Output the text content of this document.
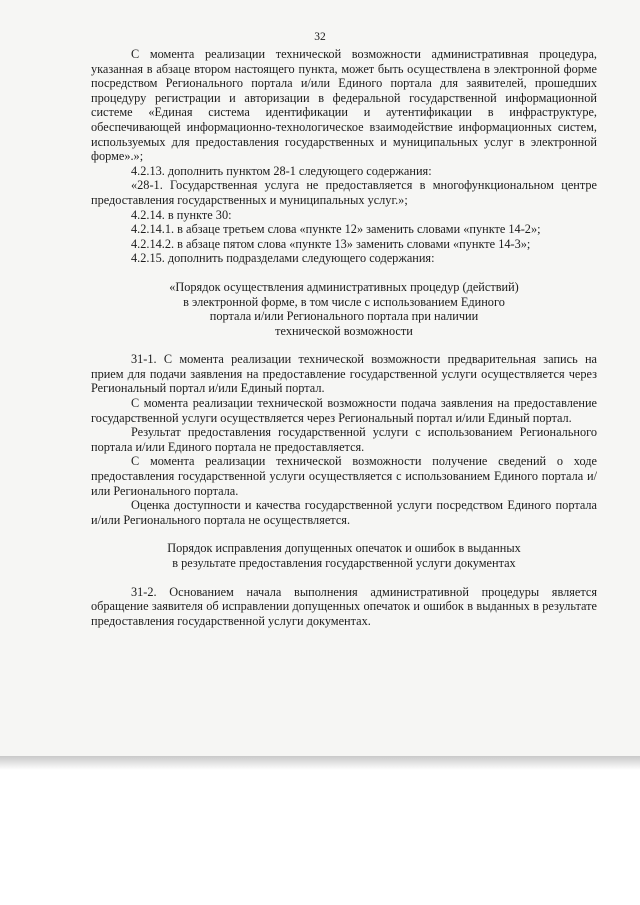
32

С момента реализации технической возможности административная процедура, указанная в абзаце втором настоящего пункта, может быть осуществлена в электронной форме посредством Регионального портала и/или Единого портала для заявителей, прошедших процедуру регистрации и авторизации в федеральной государственной информационной системе «Единая система идентификации и аутентификации в инфраструктуре, обеспечивающей информационно-технологическое взаимодействие информационных систем, используемых для предоставления государственных и муниципальных услуг в электронной форме».»;

4.2.13. дополнить пунктом 28-1 следующего содержания:

«28-1. Государственная услуга не предоставляется в многофункциональном центре предоставления государственных и муниципальных услуг.»;

4.2.14. в пункте 30:

4.2.14.1. в абзаце третьем слова «пункте 12» заменить словами «пункте 14-2»;

4.2.14.2. в абзаце пятом слова «пункте 13» заменить словами «пункте 14-3»;

4.2.15. дополнить подразделами следующего содержания:

«Порядок осуществления административных процедур (действий)
в электронной форме, в том числе с использованием Единого
портала и/или Регионального портала при наличии
технической возможности

31-1. С момента реализации технической возможности предварительная запись на прием для подачи заявления на предоставление государственной услуги осуществляется через Региональный портал и/или Единый портал.

С момента реализации технической возможности подача заявления на предоставление государственной услуги осуществляется через Региональный портал и/или Единый портал.

Результат предоставления государственной услуги с использованием Регионального портала и/или Единого портала не предоставляется.

С момента реализации технической возможности получение сведений о ходе предоставления государственной услуги осуществляется с использованием Единого портала и/или Регионального портала.

Оценка доступности и качества государственной услуги посредством Единого портала и/или Регионального портала не осуществляется.

Порядок исправления допущенных опечаток и ошибок в выданных
в результате предоставления государственной услуги документах

31-2. Основанием начала выполнения административной процедуры является обращение заявителя об исправлении допущенных опечаток и ошибок в выданных в результате предоставления государственной услуги документах.
